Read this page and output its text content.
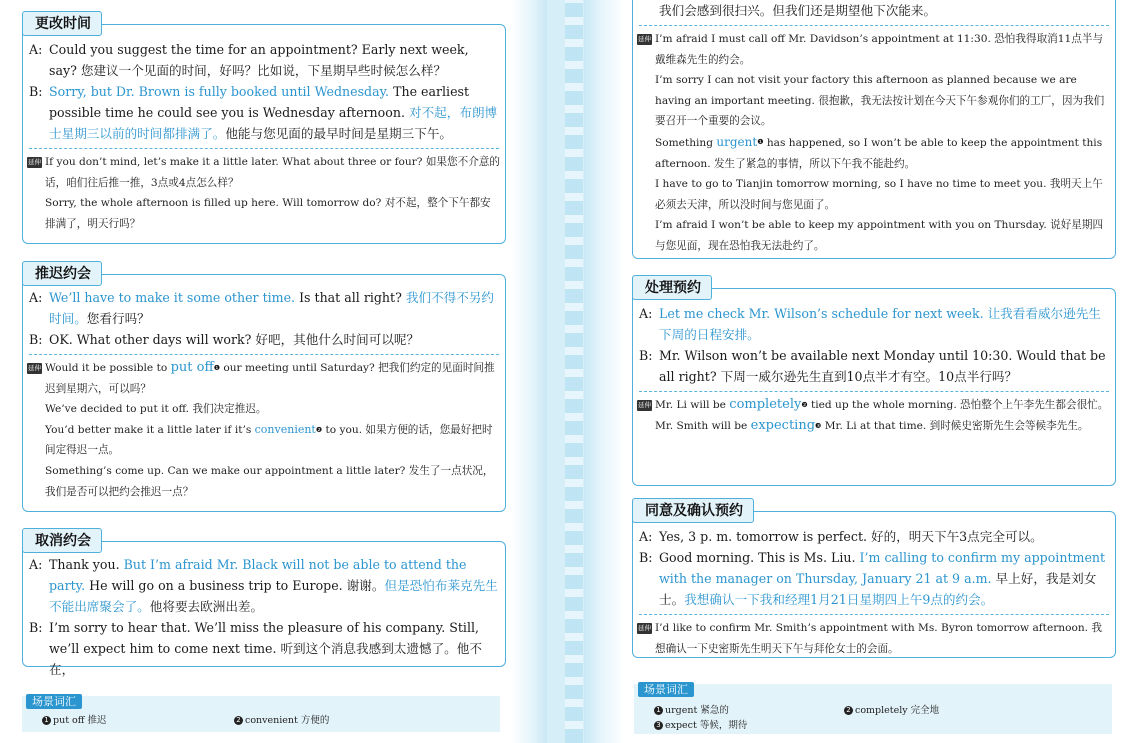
更改时间
A: Could you suggest the time for an appointment? Early next week, say? 您建议一个见面的时间，好吗？比如说，下星期早些时候怎么样？
B: Sorry, but Dr. Brown is fully booked until Wednesday. The earliest possible time he could see you is Wednesday afternoon. 对不起，布朗博士星期三以前的时间都排满了。他能与您见面的最早时间是星期三下午。
延伸 If you don’t mind, let’s make it a little later. What about three or four? 如果您不介意的话，咱们往后推一推，3点或4点怎么样？

Sorry, the whole afternoon is filled up here. Will tomorrow do? 对不起，整个下午都安排满了，明天行吗？

推迟约会
A: We’ll have to make it some other time. Is that all right? 我们不得不另约时间。您看行吗？
B: OK. What other days will work? 好吧，其他什么时间可以呢？
延伸 Would it be possible to put off$^❶$ our meeting until Saturday? 把我们约定的见面时间推迟到星期六，可以吗？

We’ve decided to put it off. 我们决定推迟。

You’d better make it a little later if it’s convenient$^❷$ to you. 如果方便的话，您最好把时间定得迟一点。

Something’s come up. Can we make our appointment a little later? 发生了一点状况，我们是否可以把约会推迟一点？

取消约会
A: Thank you. But I’m afraid Mr. Black will not be able to attend the party. He will go on a business trip to Europe. 谢谢。但是恐怕布莱克先生不能出席聚会了。他将要去欧洲出差。
B: I’m sorry to hear that. We’ll miss the pleasure of his company. Still, we’ll expect him to come next time. 听到这个消息我感到太遗憾了。他不在，
场景词汇
1 put off 推迟	2 convenient 方便的
我们会感到很扫兴。但我们还是期望他下次能来。
延伸 I’m afraid I must call off Mr. Davidson’s appointment at 11:30. 恐怕我得取消11点半与戴维森先生的约会。

I’m sorry I can not visit your factory this afternoon as planned because we are having an important meeting. 很抱歉，我无法按计划在今天下午参观你们的工厂，因为我们要召开一个重要的会议。

Something urgent$^❶$ has happened, so I won’t be able to keep the appointment this afternoon. 发生了紧急的事情，所以下午我不能赴约。

I have to go to Tianjin tomorrow morning, so I have no time to meet you. 我明天上午必须去天津，所以没时间与您见面了。

I’m afraid I won’t be able to keep my appointment with you on Thursday. 说好星期四与您见面，现在恐怕我无法赴约了。

处理预约
A: Let me check Mr. Wilson’s schedule for next week. 让我看看威尔逊先生下周的日程安排。
B: Mr. Wilson won’t be available next Monday until 10:30. Would that be all right? 下周一威尔逊先生直到10点半才有空。10点半行吗？
延伸 Mr. Li will be completely$^❷$ tied up the whole morning. 恐怕整个上午李先生都会很忙。

Mr. Smith will be expecting$^❸$ Mr. Li at that time. 到时候史密斯先生会等候李先生。

同意及确认预约
A: Yes, 3 p. m. tomorrow is perfect. 好的，明天下午3点完全可以。
B: Good morning. This is Ms. Liu. I’m calling to confirm my appointment with the manager on Thursday, January 21 at 9 a.m. 早上好，我是刘女士。我想确认一下我和经理1月21日星期四上午9点的约会。
延伸 I’d like to confirm Mr. Smith’s appointment with Ms. Byron tomorrow afternoon. 我想确认一下史密斯先生明天下午与拜伦女士的会面。

场景词汇
1 urgent 紧急的	2 completely 完全地
3 expect 等候，期待
